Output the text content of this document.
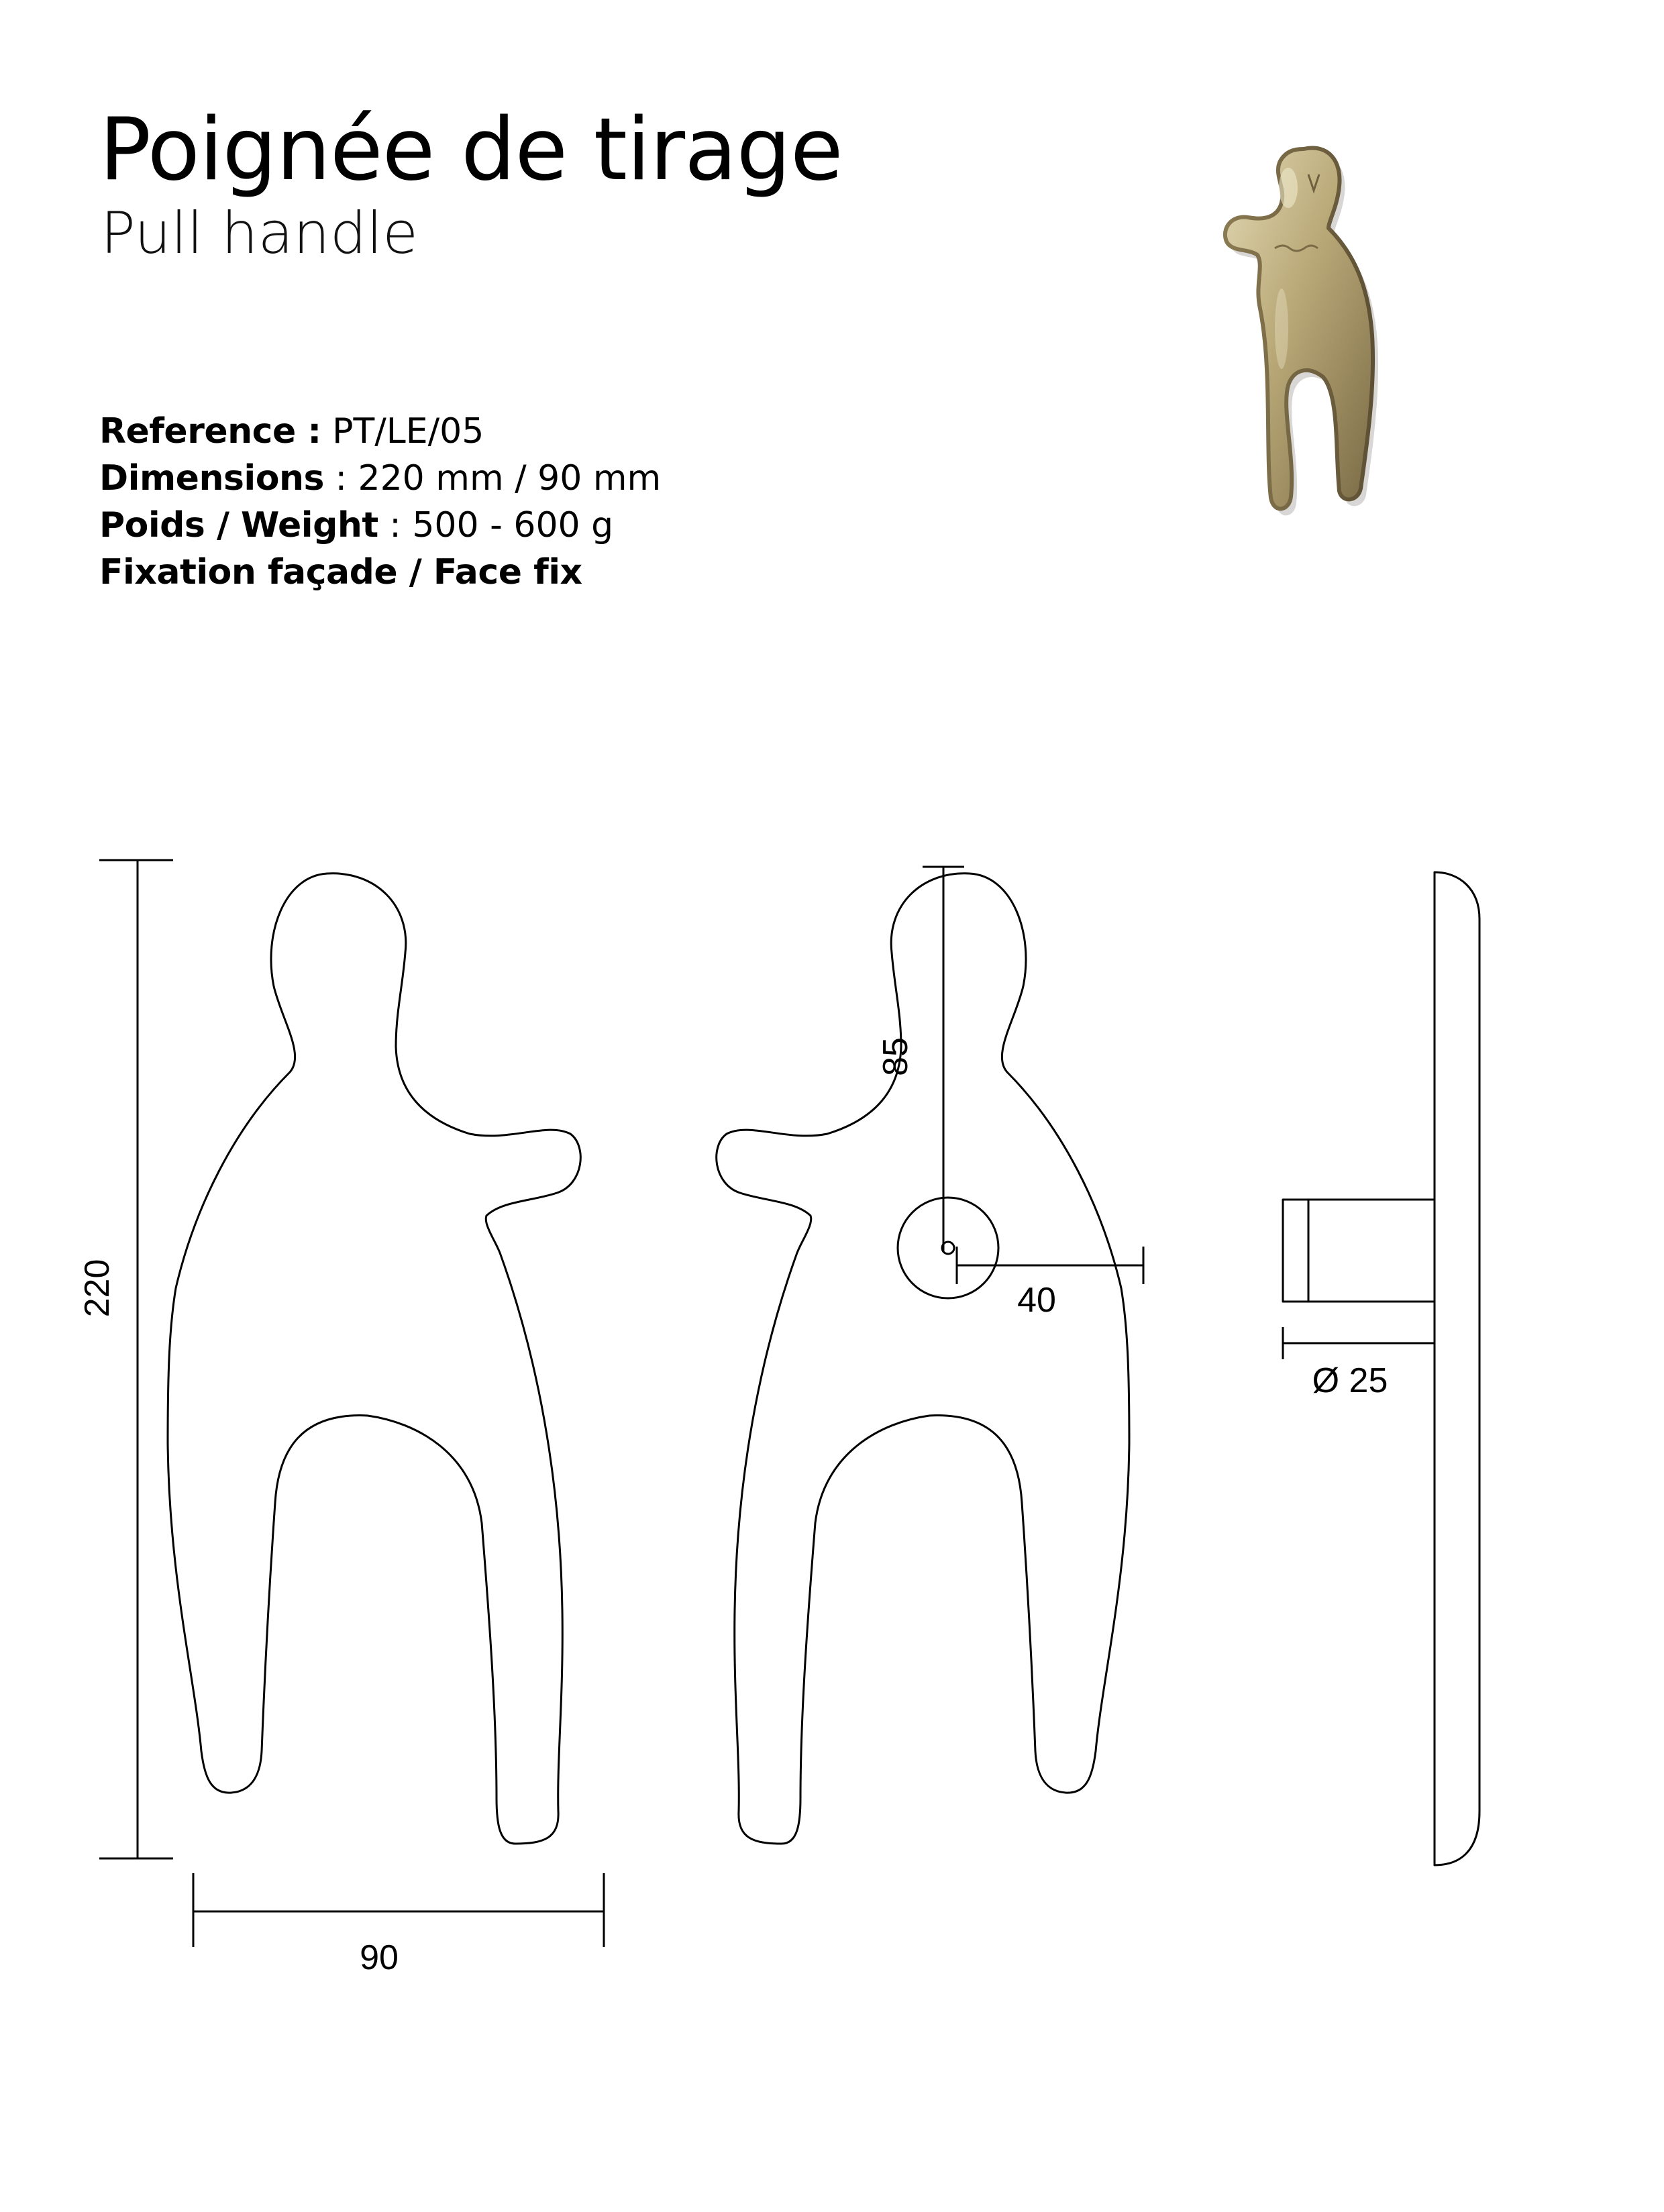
Poignée de tirage
Pull handle
Reference : PT/LE/05
Dimensions : 220 mm / 90 mm
Poids / Weight : 500 - 600 g
Fixation façade / Face fix
220
90
85
40
Ø 25
